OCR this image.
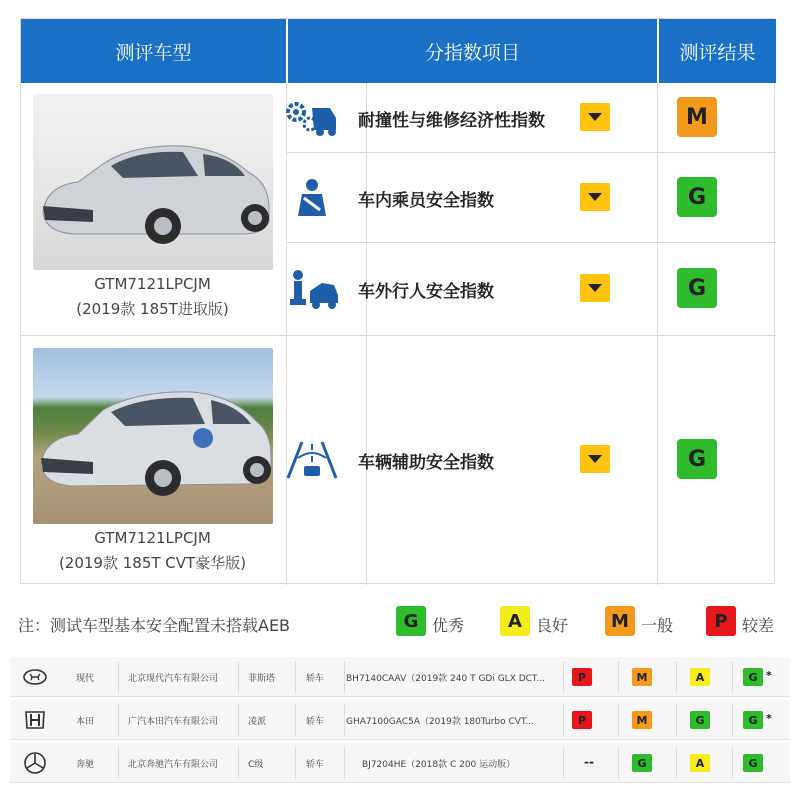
测评车型	分指数项目	测评结果
GTM7121LPCJM
(2019款 185T进取版)
GTM7121LPCJM
(2019款 185T CVT豪华版)
耐撞性与维修经济性指数	M
车内乘员安全指数	G
车外行人安全指数	G
车辆辅助安全指数	G
注：测试车型基本安全配置未搭载AEB	G 优秀	A 良好	M 一般	P 较差
现代	北京现代汽车有限公司	菲斯塔	轿车	BH7140CAAV（2019款 240 T GDi GLX DCT...	P	M	A	G *
本田	广汽本田汽车有限公司	凌派	轿车	GHA7100GAC5A（2019款 180Turbo CVT...	P	M	G	G *
奔驰	北京奔驰汽车有限公司	C级	轿车	BJ7204HE（2018款 C 200 运动版）	--	G	A	G
